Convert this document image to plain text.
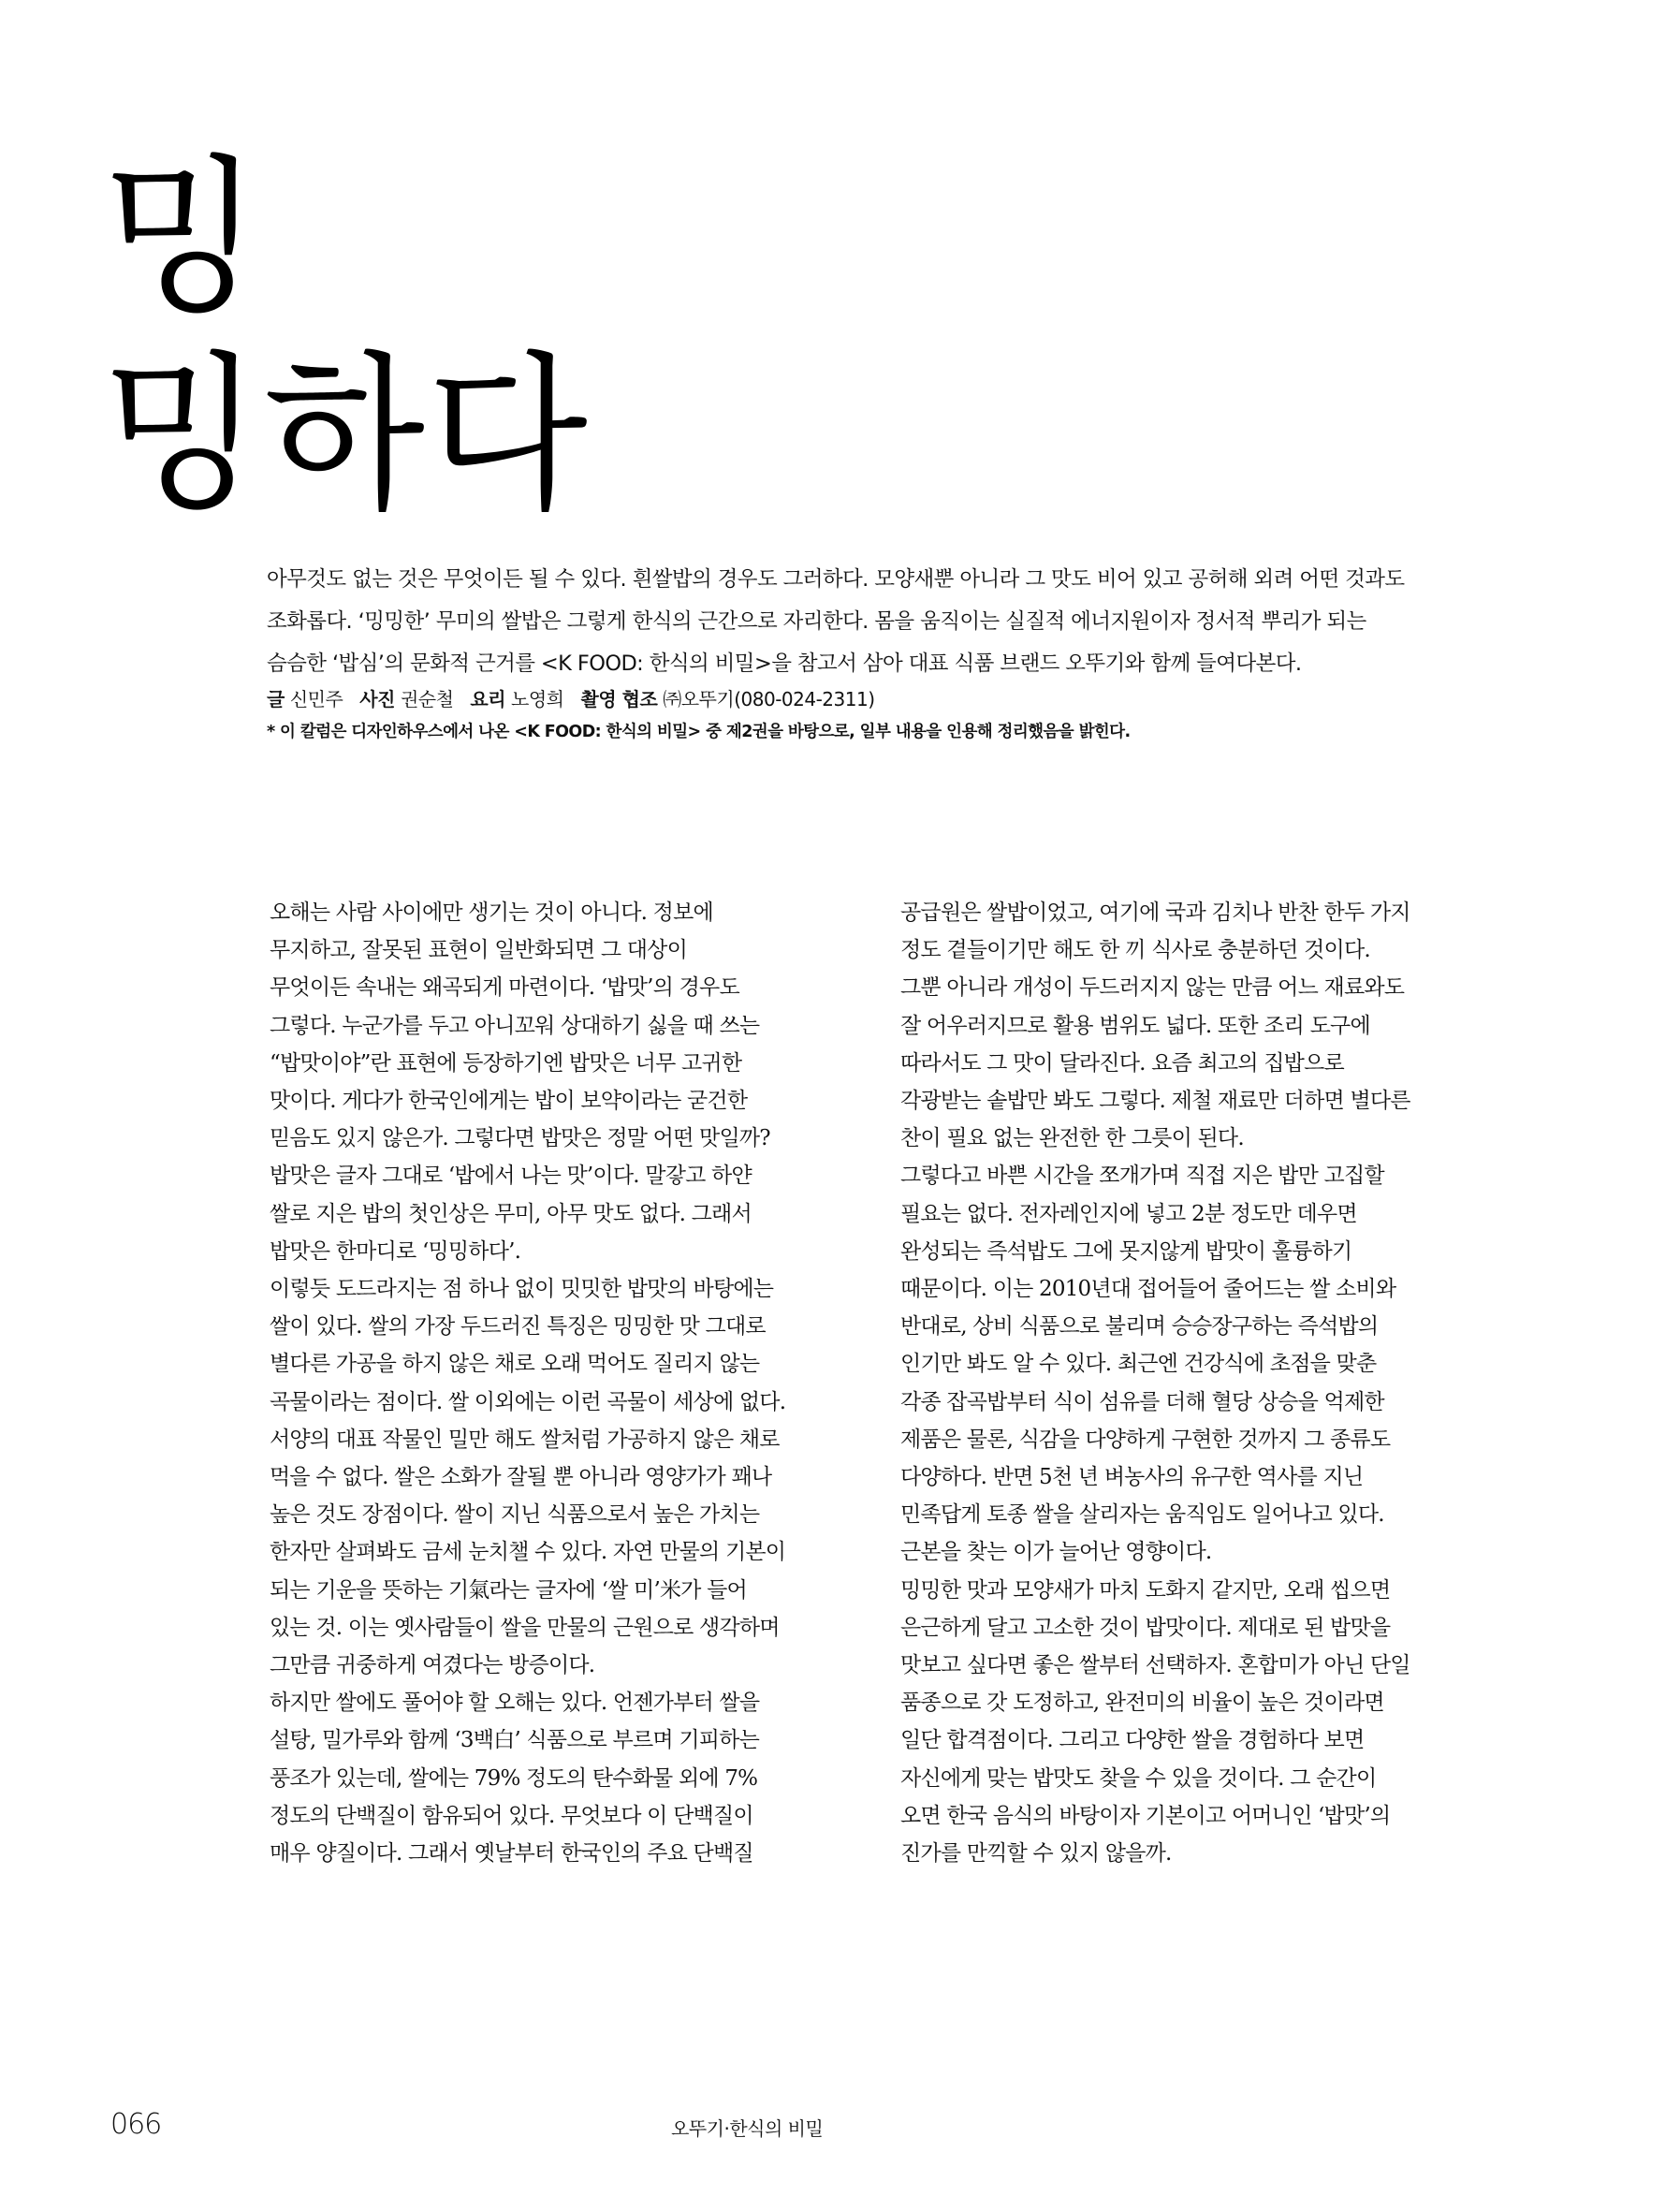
밍
밍하다

아무것도 없는 것은 무엇이든 될 수 있다. 흰쌀밥의 경우도 그러하다. 모양새뿐 아니라 그 맛도 비어 있고 공허해 외려 어떤 것과도

조화롭다. ‘밍밍한’ 무미의 쌀밥은 그렇게 한식의 근간으로 자리한다. 몸을 움직이는 실질적 에너지원이자 정서적 뿌리가 되는

슴슴한 ‘밥심’의 문화적 근거를 <K FOOD: 한식의 비밀>을 참고서 삼아 대표 식품 브랜드 오뚜기와 함께 들여다본다.

글 신민주 사진 권순철 요리 노영희 촬영 협조 ㈜오뚜기(080-024-2311)
* 이 칼럼은 디자인하우스에서 나온 <K FOOD: 한식의 비밀> 중 제2권을 바탕으로, 일부 내용을 인용해 정리했음을 밝힌다.

오해는 사람 사이에만 생기는 것이 아니다. 정보에

무지하고, 잘못된 표현이 일반화되면 그 대상이

무엇이든 속내는 왜곡되게 마련이다. ‘밥맛’의 경우도

그렇다. 누군가를 두고 아니꼬워 상대하기 싫을 때 쓰는

“밥맛이야”란 표현에 등장하기엔 밥맛은 너무 고귀한

맛이다. 게다가 한국인에게는 밥이 보약이라는 굳건한

믿음도 있지 않은가. 그렇다면 밥맛은 정말 어떤 맛일까?

밥맛은 글자 그대로 ‘밥에서 나는 맛’이다. 말갛고 하얀

쌀로 지은 밥의 첫인상은 무미, 아무 맛도 없다. 그래서

밥맛은 한마디로 ‘밍밍하다’.

이렇듯 도드라지는 점 하나 없이 밋밋한 밥맛의 바탕에는

쌀이 있다. 쌀의 가장 두드러진 특징은 밍밍한 맛 그대로

별다른 가공을 하지 않은 채로 오래 먹어도 질리지 않는

곡물이라는 점이다. 쌀 이외에는 이런 곡물이 세상에 없다.

서양의 대표 작물인 밀만 해도 쌀처럼 가공하지 않은 채로

먹을 수 없다. 쌀은 소화가 잘될 뿐 아니라 영양가가 꽤나

높은 것도 장점이다. 쌀이 지닌 식품으로서 높은 가치는

한자만 살펴봐도 금세 눈치챌 수 있다. 자연 만물의 기본이

되는 기운을 뜻하는 기氣라는 글자에 ‘쌀 미’米가 들어

있는 것. 이는 옛사람들이 쌀을 만물의 근원으로 생각하며

그만큼 귀중하게 여겼다는 방증이다.

하지만 쌀에도 풀어야 할 오해는 있다. 언젠가부터 쌀을

설탕, 밀가루와 함께 ‘3백白’ 식품으로 부르며 기피하는

풍조가 있는데, 쌀에는 79% 정도의 탄수화물 외에 7%

정도의 단백질이 함유되어 있다. 무엇보다 이 단백질이

매우 양질이다. 그래서 옛날부터 한국인의 주요 단백질

공급원은 쌀밥이었고, 여기에 국과 김치나 반찬 한두 가지

정도 곁들이기만 해도 한 끼 식사로 충분하던 것이다.

그뿐 아니라 개성이 두드러지지 않는 만큼 어느 재료와도

잘 어우러지므로 활용 범위도 넓다. 또한 조리 도구에

따라서도 그 맛이 달라진다. 요즘 최고의 집밥으로

각광받는 솥밥만 봐도 그렇다. 제철 재료만 더하면 별다른

찬이 필요 없는 완전한 한 그릇이 된다.

그렇다고 바쁜 시간을 쪼개가며 직접 지은 밥만 고집할

필요는 없다. 전자레인지에 넣고 2분 정도만 데우면

완성되는 즉석밥도 그에 못지않게 밥맛이 훌륭하기

때문이다. 이는 2010년대 접어들어 줄어드는 쌀 소비와

반대로, 상비 식품으로 불리며 승승장구하는 즉석밥의

인기만 봐도 알 수 있다. 최근엔 건강식에 초점을 맞춘

각종 잡곡밥부터 식이 섬유를 더해 혈당 상승을 억제한

제품은 물론, 식감을 다양하게 구현한 것까지 그 종류도

다양하다. 반면 5천 년 벼농사의 유구한 역사를 지닌

민족답게 토종 쌀을 살리자는 움직임도 일어나고 있다.

근본을 찾는 이가 늘어난 영향이다.

밍밍한 맛과 모양새가 마치 도화지 같지만, 오래 씹으면

은근하게 달고 고소한 것이 밥맛이다. 제대로 된 밥맛을

맛보고 싶다면 좋은 쌀부터 선택하자. 혼합미가 아닌 단일

품종으로 갓 도정하고, 완전미의 비율이 높은 것이라면

일단 합격점이다. 그리고 다양한 쌀을 경험하다 보면

자신에게 맞는 밥맛도 찾을 수 있을 것이다. 그 순간이

오면 한국 음식의 바탕이자 기본이고 어머니인 ‘밥맛’의

진가를 만끽할 수 있지 않을까.

066	오뚜기·한식의 비밀
